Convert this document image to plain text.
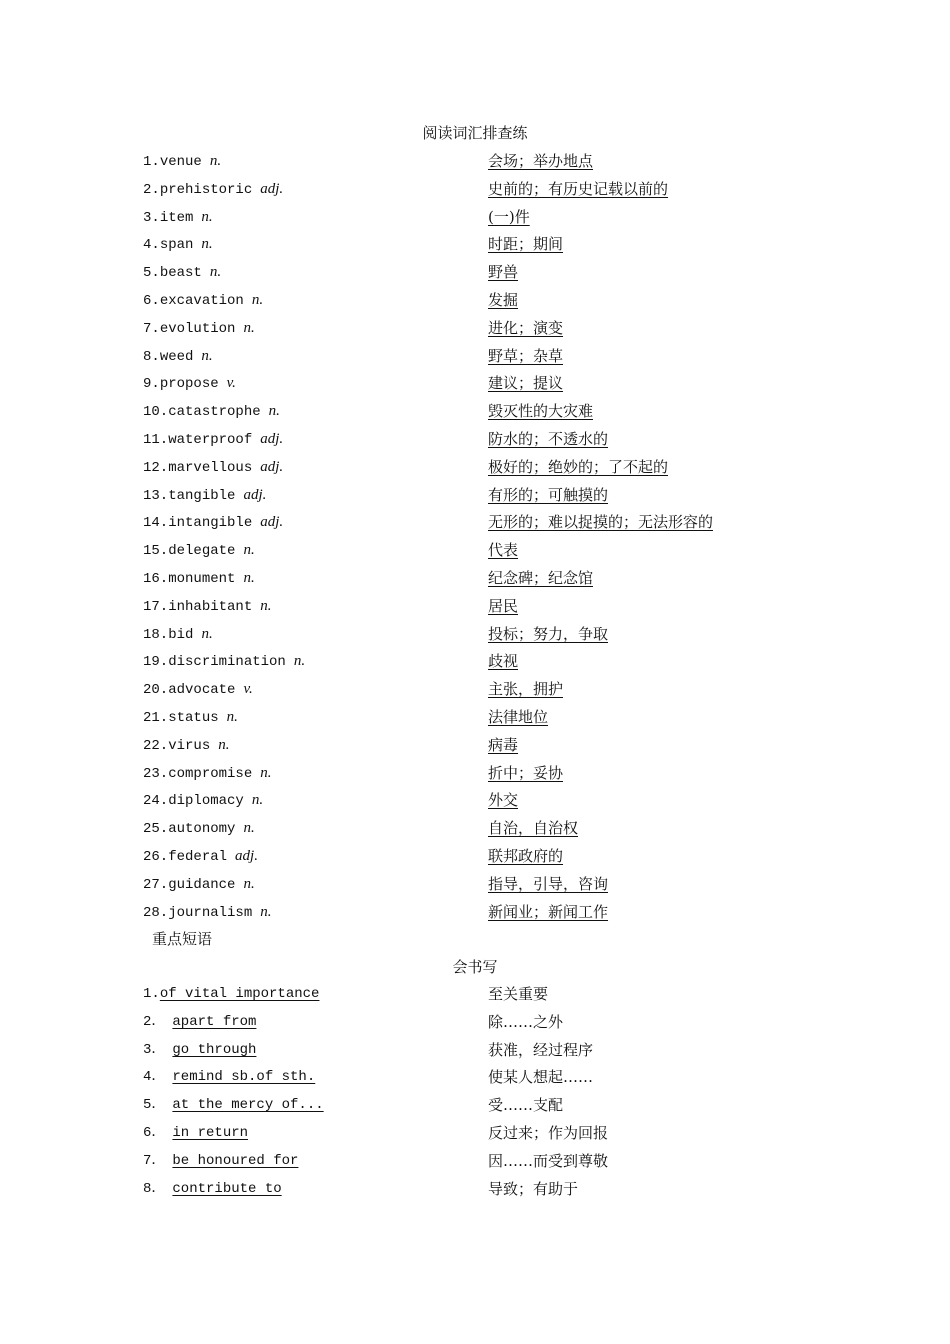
阅读词汇排查练
1.venue n.	会场；举办地点
2.prehistoric adj.	史前的；有历史记载以前的
3.item n.	(一)件
4.span n.	时距；期间
5.beast n.	野兽
6.excavation n.	发掘
7.evolution n.	进化；演变
8.weed n.	野草；杂草
9.propose v.	建议；提议
10.catastrophe n.	毁灭性的大灾难
11.waterproof adj.	防水的；不透水的
12.marvellous adj.	极好的；绝妙的；了不起的
13.tangible adj.	有形的；可触摸的
14.intangible adj.	无形的；难以捉摸的；无法形容的
15.delegate n.	代表
16.monument n.	纪念碑；纪念馆
17.inhabitant n.	居民
18.bid n.	投标；努力，争取
19.discrimination n.	歧视
20.advocate v.	主张，拥护
21.status n.	法律地位
22.virus n.	病毒
23.compromise n.	折中；妥协
24.diplomacy n.	外交
25.autonomy n.	自治，自治权
26.federal adj.	联邦政府的
27.guidance n.	指导，引导，咨询
28.journalism n.	新闻业；新闻工作
重点短语
会书写
1.of vital importance	至关重要
2． apart from	除……之外
3． go through	获准，经过程序
4． remind sb.of sth.	使某人想起……
5． at the mercy of...	受……支配
6． in return	反过来；作为回报
7． be honoured for	因……而受到尊敬
8． contribute to	导致；有助于
